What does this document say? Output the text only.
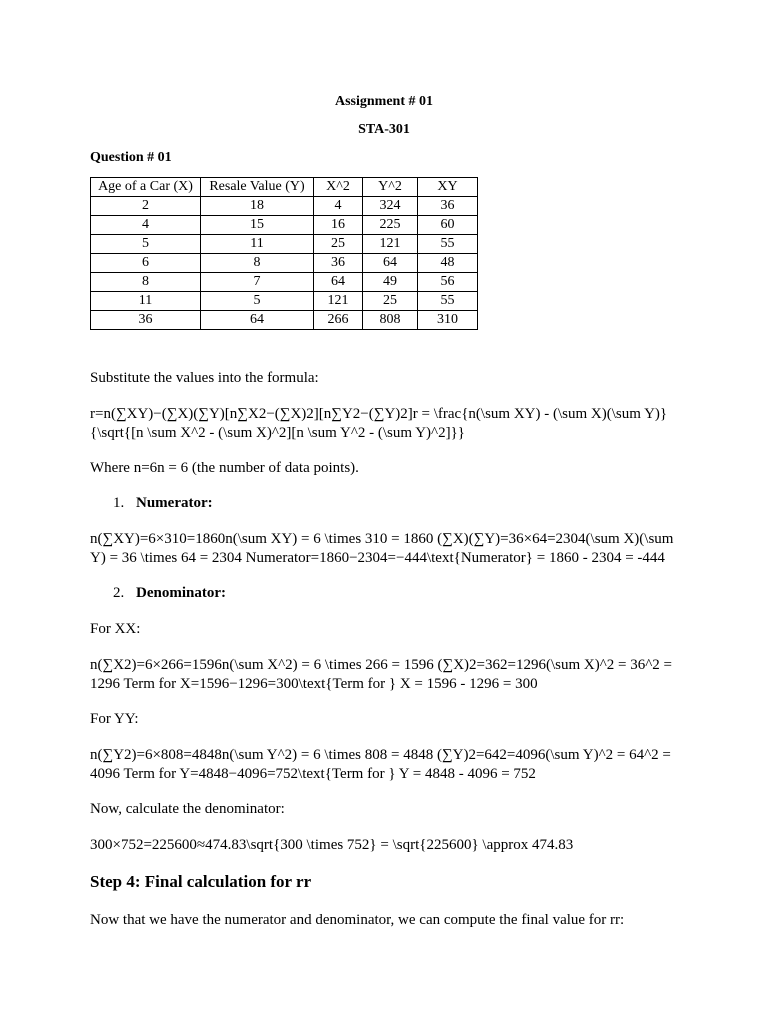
Assignment # 01
STA-301
Question # 01
Age of a Car (X)	Resale Value (Y)	X^2	Y^2	XY
2	18	4	324	36
4	15	16	225	60
5	11	25	121	55
6	8	36	64	48
8	7	64	49	56
11	5	121	25	55
36	64	266	808	310
Substitute the values into the formula:
r=n(∑XY)−(∑X)(∑Y)[n∑X2−(∑X)2][n∑Y2−(∑Y)2]r = \frac{n(\sum XY) - (\sum X)(\sum Y)}
{\sqrt{[n \sum X^2 - (\sum X)^2][n \sum Y^2 - (\sum Y)^2]}}
Where n=6n = 6 (the number of data points).
1. Numerator:
n(∑XY)=6×310=1860n(\sum XY) = 6 \times 310 = 1860 (∑X)(∑Y)=36×64=2304(\sum X)(\sum
Y) = 36 \times 64 = 2304 Numerator=1860−2304=−444\text{Numerator} = 1860 - 2304 = -444
2. Denominator:
For XX:
n(∑X2)=6×266=1596n(\sum X^2) = 6 \times 266 = 1596 (∑X)2=362=1296(\sum X)^2 = 36^2 =
1296 Term for X=1596−1296=300\text{Term for } X = 1596 - 1296 = 300
For YY:
n(∑Y2)=6×808=4848n(\sum Y^2) = 6 \times 808 = 4848 (∑Y)2=642=4096(\sum Y)^2 = 64^2 =
4096 Term for Y=4848−4096=752\text{Term for } Y = 4848 - 4096 = 752
Now, calculate the denominator:
300×752=225600≈474.83\sqrt{300 \times 752} = \sqrt{225600} \approx 474.83
Step 4: Final calculation for rr
Now that we have the numerator and denominator, we can compute the final value for rr:
